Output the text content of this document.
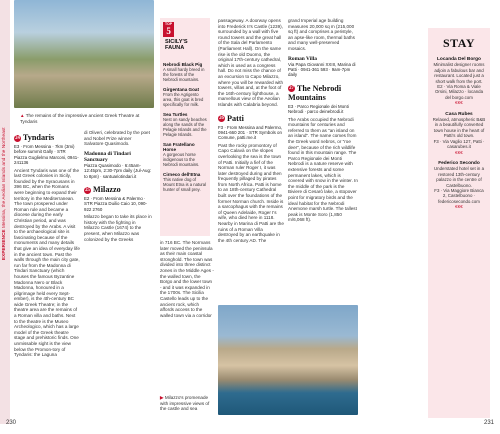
EXPERIENCE Messina, the Aeolian Islands and the Northeast
▲ The remains of the impressive ancient Greek Theatre at Tyndaris
24 Tyndaris
E3 · From Messina · 7km (3mi) before summit Gally · STR Piazza Guglielmo Marconi, 0941-241136
Ancient Tyndaris was one of the last Greek colonies in Sicily, founded by the Syracusans in 396 BC, when the Romans were beginning to expand their territory in the Mediterranean. The town prospered under Roman rule and became a diocese during the early Christian period, and was destroyed by the Arabs. A visit to the archaeological site is fascinating because of the monuments and many details that give an idea of everyday life in the ancient town. Past the walls through the main city gate, run far from the Madonna di Tindari Sanctuary (which houses the famous Byzantine Madonna Nero or Black Madonna, honoured in a pilgrimage held every Sept-ember), is the 4th-century BC wide Greek Theatre; in the theatre area are the remains of a Roman villa and baths. Next to the theatre is the Museo Archeologico, which has a large model of the Greek theatre stage and prehistoric finds. One unmissable sight is the view below the Promon-tory of Tyndaris: the Laguna
di Oliveri, celebrated by the poet and Nobel Prize winner Salvatore Quasimodo.
Madonna di Tindari Sanctuary
Piazza Quasimodo · 6:45am-12:45pm, 2:30-7pm daily (Jul-Aug: to 8pm) · santuariotindari.it
25 Milazzo
E2 · From Messina & Palermo · STR Piazza Duilio Caio 10, 090-922 2760
Milazzo began to take its place in history with the fighting in Milazzo Castle (1674) to the present, when Milazzo was colonized by the Greeks
TOP
5
SICILY'S FAUNA
Nebrodi Black Pig
A small hardy breed in the forests of the Nebrodi mountains.
Girgentana Goat
From the Agrigento area, this goat is bred specifically for milk.
Sea Turtles
Nest on sandy beaches along the sands of the Pelagie Islands and the Pelagie Islands.
San Fratellano Horse
A gorgeous horse indigenous to the Nebrodi mountains.
Cirneco dell'Etna
This native dog of Mount Etna is a natural hunter of small prey.
in 716 BC. The Normans later moved the peninsula as their main coastal stronghold. The town was divided into three distinct zones in the Middle Ages - the walled town, the Borgo and the lower town - and it was expanded in the 1700s. The Sicilia Castello leads up to the ancient rock, which affords access to the walled town via a corridor
passageway. A doorway opens into Frederick II's Castle (1239), surrounded by a wall with five round towers and the great hall of the Sala del Parlamento (Parliament Hall). On the same rise is the old Duomo, the original 17th-century cathedral, which is used as a congress hall. Do not miss the chance of an excursion to Capo Milazzo, where you will be rewarded with towers, villas and, at the foot of the 16th-century lighthouse, a marvellous view of the Aeolian Islands with Calabria beyond.
26 Patti
F3 · From Messina and Palermo, 0941-660 201 · STR Symbols on Comune, patti.me.it
Past the rocky promontory of Capo Calavà on the slopes overlooking the sea is the town of Patti. Initially a fief of the Norman ruler Roger I, it was later destroyed during and then frequently pillaged by pirates from North Africa. Patti is home to an 18th-century Cathedral built over the foundations of the former Norman church. Inside is a sarcophagus with the remains of Queen Adelaide, Roger I's wife, who died here in 1118. Nearby in Marina di Patti are the ruins of a Roman Villa destroyed by an earthquake in the 4th century AD. The
grand Imperial age building measures 20,000 sq m (215,000 sq ft) and comprises a peristyle, an apse-like room, thermal baths and many well-preserved mosaics.
Roman Villa
Via Papa Giovanni XXIII, Marina di Patti · 0941-361 593 · 9am-7pm daily
27 The Nebrodi Mountains
E3 · Parco Regionale dei Monti Nebrodi · parco deinebrodi.it
The Arabs occupied the Nebrodi mountains for centuries and referred to them as "an island on an island". The name comes from the Greek word nebros, or "roe deer", because of the rich wildlife found in this mountain range. The Parco Regionale dei Monti Nebrodi is a nature reserve with extensive forests and some permanent lakes, which is covered with snow in the winter. In the middle of the park is the Biviere di Cesarò lake, a stopover point for migratory birds and the ideal habitat for the Nebrodi Anemone marsh turtle. The tallest peak is Monte Soro (1,850 m/6,068 ft).
▶ Milazzo's promenade with impressive views of the castle and sea
STAY
Locanda Del Borgo
Minimalist designer rooms adjoin a fabulous bar and restaurant. Located just a short walk from the port.
E2 · Via Roma & Viale Orsini, Milazzo · locanda del borgo.com
€€€
Casa Rubes
Relaxed, atmospheric B&B in a beautifully converted town house in the heart of Patti's old town.
F3 · Via Vaglio 127, Patti · casarubes.it
€€€
Federico Secondo
Understated hotel set in a restored 13th-century palazzo in the centre of Castelbuono.
F3 · Via Maggiore Bianca 2, Castelbuono · federicosecondo.com
€€€
230	231
